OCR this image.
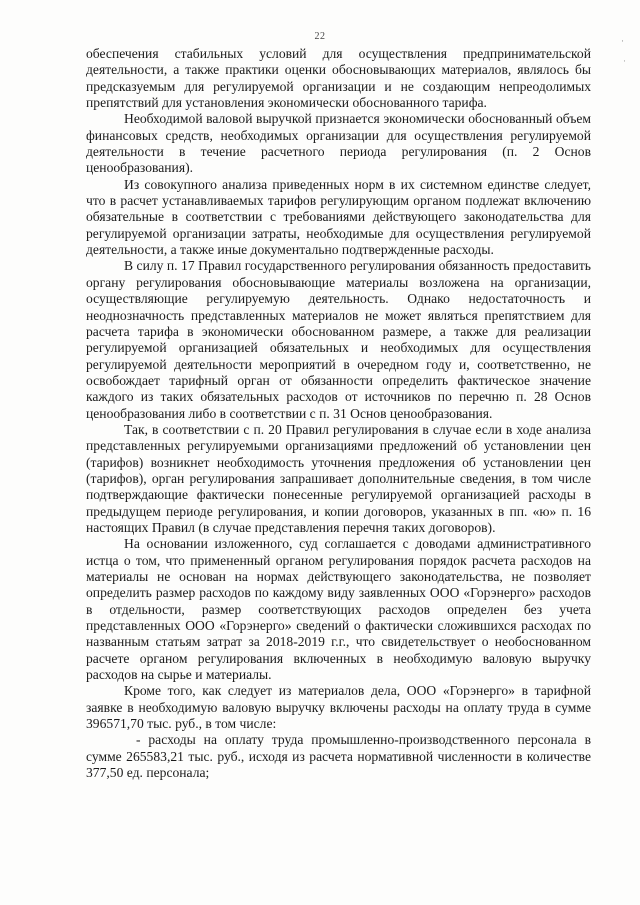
22	·
·

обеспечения стабильных условий для осуществления предпринимательской деятельности, а также практики оценки обосновывающих материалов, являлось бы предсказуемым для регулируемой организации и не создающим непреодолимых препятствий для установления экономически обоснованного тарифа.

Необходимой валовой выручкой признается экономически обоснованный объем финансовых средств, необходимых организации для осуществления регулируемой деятельности в течение расчетного периода регулирования (п. 2 Основ ценообразования).

Из совокупного анализа приведенных норм в их системном единстве следует, что в расчет устанавливаемых тарифов регулирующим органом подлежат включению обязательные в соответствии с требованиями действующего законодательства для регулируемой организации затраты, необходимые для осуществления регулируемой деятельности, а также иные документально подтвержденные расходы.

В силу п. 17 Правил государственного регулирования обязанность предоставить органу регулирования обосновывающие материалы возложена на организации, осуществляющие регулируемую деятельность. Однако недостаточность и неоднозначность представленных материалов не может являться препятствием для расчета тарифа в экономически обоснованном размере, а также для реализации регулируемой организацией обязательных и необходимых для осуществления регулируемой деятельности мероприятий в очередном году и, соответственно, не освобождает тарифный орган от обязанности определить фактическое значение каждого из таких обязательных расходов от источников по перечню п. 28 Основ ценообразования либо в соответствии с п. 31 Основ ценообразования.

Так, в соответствии с п. 20 Правил регулирования в случае если в ходе анализа представленных регулируемыми организациями предложений об установлении цен (тарифов) возникнет необходимость уточнения предложения об установлении цен (тарифов), орган регулирования запрашивает дополнительные сведения, в том числе подтверждающие фактически понесенные регулируемой организацией расходы в предыдущем периоде регулирования, и копии договоров, указанных в пп. «ю» п. 16 настоящих Правил (в случае представления перечня таких договоров).

На основании изложенного, суд соглашается с доводами административного истца о том, что примененный органом регулирования порядок расчета расходов на материалы не основан на нормах действующего законодательства, не позволяет определить размер расходов по каждому виду заявленных ООО «Горэнерго» расходов в отдельности, размер соответствующих расходов определен без учета представленных ООО «Горэнерго» сведений о фактически сложившихся расходах по названным статьям затрат за 2018-2019 г.г., что свидетельствует о необоснованном расчете органом регулирования включенных в необходимую валовую выручку расходов на сырье и материалы.

Кроме того, как следует из материалов дела, ООО «Горэнерго» в тарифной заявке в необходимую валовую выручку включены расходы на оплату труда в сумме 396571,70 тыс. руб., в том числе:

- расходы на оплату труда промышленно-производственного персонала в сумме 265583,21 тыс. руб., исходя из расчета нормативной численности в количестве 377,50 ед. персонала;
